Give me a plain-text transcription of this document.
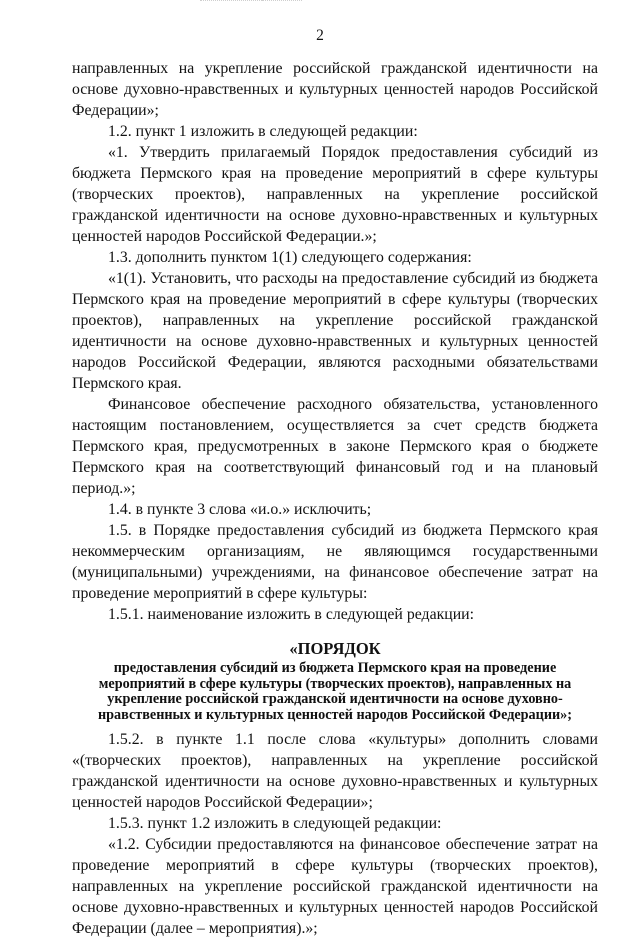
2

направленных на укрепление российской гражданской идентичности на основе духовно-нравственных и культурных ценностей народов Российской Федерации»;

1.2. пункт 1 изложить в следующей редакции:

«1. Утвердить прилагаемый Порядок предоставления субсидий из бюджета Пермского края на проведение мероприятий в сфере культуры (творческих проектов), направленных на укрепление российской гражданской идентичности на основе духовно-нравственных и культурных ценностей народов Российской Федерации.»;

1.3. дополнить пунктом 1(1) следующего содержания:

«1(1). Установить, что расходы на предоставление субсидий из бюджета Пермского края на проведение мероприятий в сфере культуры (творческих проектов), направленных на укрепление российской гражданской идентичности на основе духовно-нравственных и культурных ценностей народов Российской Федерации, являются расходными обязательствами Пермского края.

Финансовое обеспечение расходного обязательства, установленного настоящим постановлением, осуществляется за счет средств бюджета Пермского края, предусмотренных в законе Пермского края о бюджете Пермского края на соответствующий финансовый год и на плановый период.»;

1.4. в пункте 3 слова «и.о.» исключить;

1.5. в Порядке предоставления субсидий из бюджета Пермского края некоммерческим организациям, не являющимся государственными (муниципальными) учреждениями, на финансовое обеспечение затрат на проведение мероприятий в сфере культуры:

1.5.1. наименование изложить в следующей редакции:

«ПОРЯДОК
предоставления субсидий из бюджета Пермского края на проведение мероприятий в сфере культуры (творческих проектов), направленных на укрепление российской гражданской идентичности на основе духовно-нравственных и культурных ценностей народов Российской Федерации»;

1.5.2. в пункте 1.1 после слова «культуры» дополнить словами «(творческих проектов), направленных на укрепление российской гражданской идентичности на основе духовно-нравственных и культурных ценностей народов Российской Федерации»;

1.5.3. пункт 1.2 изложить в следующей редакции:

«1.2. Субсидии предоставляются на финансовое обеспечение затрат на проведение мероприятий в сфере культуры (творческих проектов), направленных на укрепление российской гражданской идентичности на основе духовно-нравственных и культурных ценностей народов Российской Федерации (далее – мероприятия).»;
